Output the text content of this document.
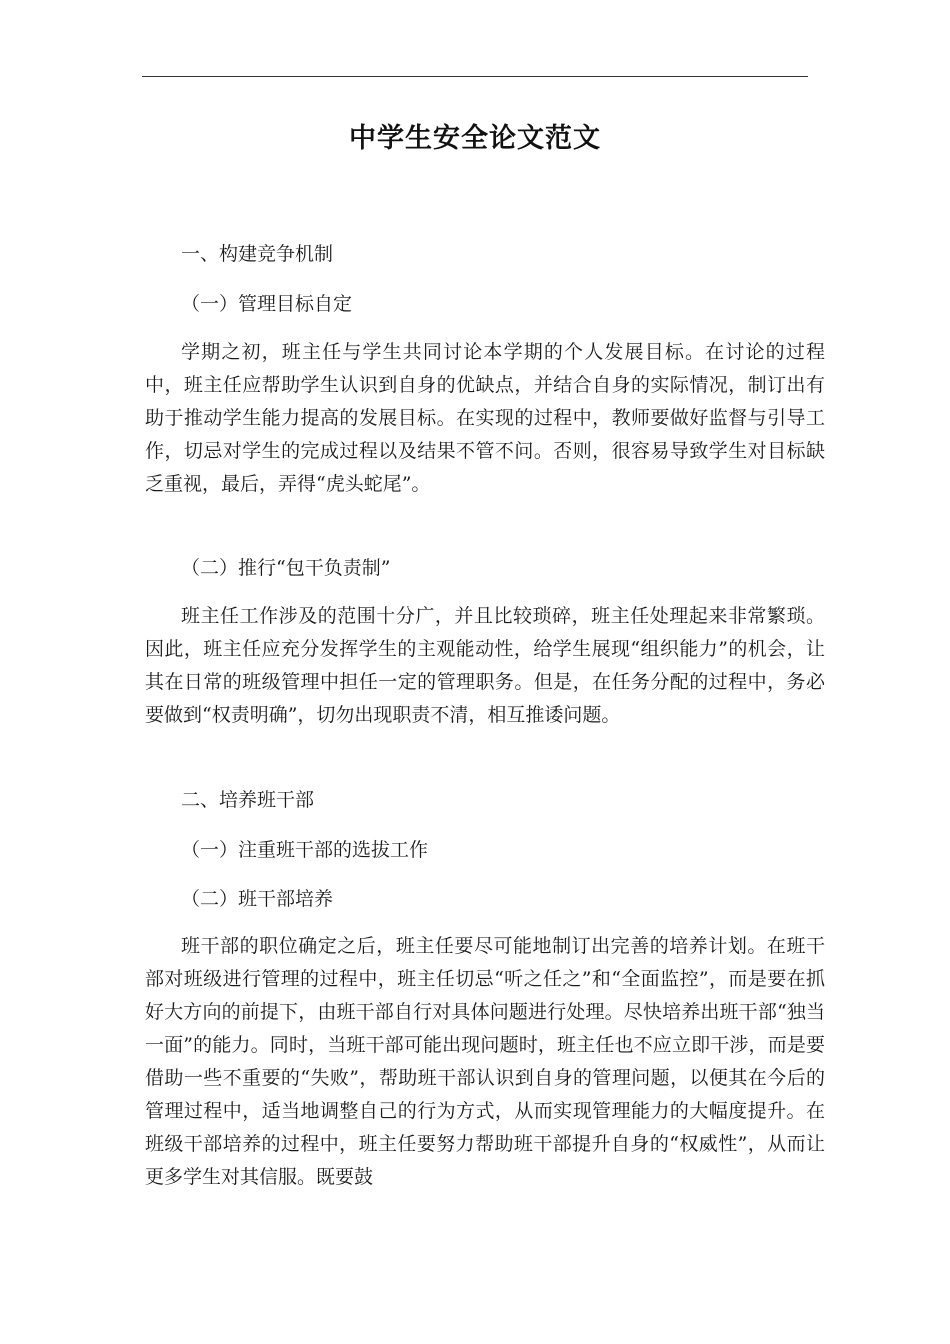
中学生安全论文范文

一、构建竞争机制

（一）管理目标自定

学期之初，班主任与学生共同讨论本学期的个人发展目标。在讨论的过程中，班主任应帮助学生认识到自身的优缺点，并结合自身的实际情况，制订出有助于推动学生能力提高的发展目标。在实现的过程中，教师要做好监督与引导工作，切忌对学生的完成过程以及结果不管不问。否则，很容易导致学生对目标缺乏重视，最后，弄得“虎头蛇尾”。

（二）推行“包干负责制”

班主任工作涉及的范围十分广，并且比较琐碎，班主任处理起来非常繁琐。因此，班主任应充分发挥学生的主观能动性，给学生展现“组织能力”的机会，让其在日常的班级管理中担任一定的管理职务。但是，在任务分配的过程中，务必要做到“权责明确”，切勿出现职责不清，相互推诿问题。

二、培养班干部

（一）注重班干部的选拔工作

（二）班干部培养

班干部的职位确定之后，班主任要尽可能地制订出完善的培养计划。在班干部对班级进行管理的过程中，班主任切忌“听之任之”和“全面监控”，而是要在抓好大方向的前提下，由班干部自行对具体问题进行处理。尽快培养出班干部“独当一面”的能力。同时，当班干部可能出现问题时，班主任也不应立即干涉，而是要借助一些不重要的“失败”，帮助班干部认识到自身的管理问题，以便其在今后的管理过程中，适当地调整自己的行为方式，从而实现管理能力的大幅度提升。在班级干部培养的过程中，班主任要努力帮助班干部提升自身的“权威性”，从而让更多学生对其信服。既要鼓
